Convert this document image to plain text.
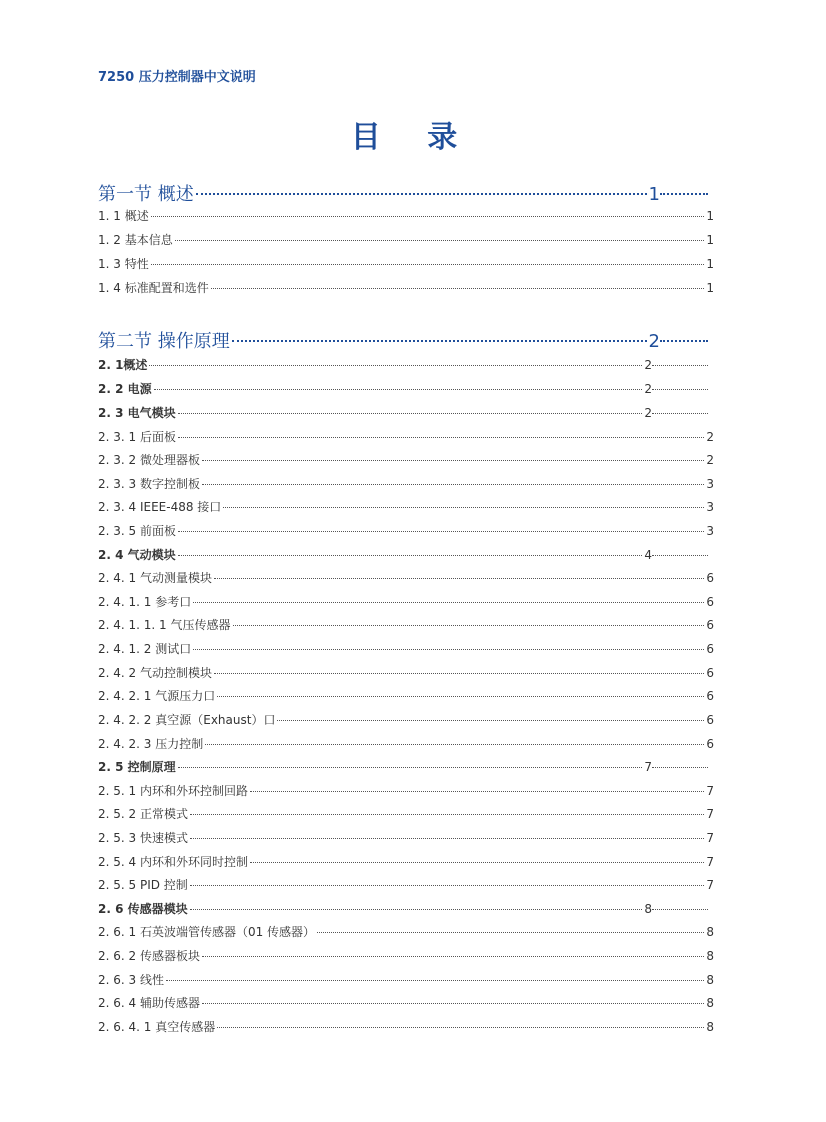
7250 压力控制器中文说明
目 录
第一节 概述	1
1. 1 概述	1
1. 2 基本信息	1
1. 3 特性	1
1. 4 标准配置和选件	1
第二节 操作原理	2
2. 1概述	2
2. 2 电源	2
2. 3 电气模块	2
2. 3. 1 后面板	2
2. 3. 2 微处理器板	2
2. 3. 3 数字控制板	3
2. 3. 4 IEEE-488 接口	3
2. 3. 5 前面板	3
2. 4 气动模块	4
2. 4. 1 气动测量模块	6
2. 4. 1. 1 参考口	6
2. 4. 1. 1. 1 气压传感器	6
2. 4. 1. 2 测试口	6
2. 4. 2 气动控制模块	6
2. 4. 2. 1 气源压力口	6
2. 4. 2. 2 真空源（Exhaust）口	6
2. 4. 2. 3 压力控制	6
2. 5 控制原理	7
2. 5. 1 内环和外环控制回路	7
2. 5. 2 正常模式	7
2. 5. 3 快速模式	7
2. 5. 4 内环和外环同时控制	7
2. 5. 5 PID 控制	7
2. 6 传感器模块	8
2. 6. 1 石英波端管传感器（01 传感器）	8
2. 6. 2 传感器板块	8
2. 6. 3 线性	8
2. 6. 4 辅助传感器	8
2. 6. 4. 1 真空传感器	8
